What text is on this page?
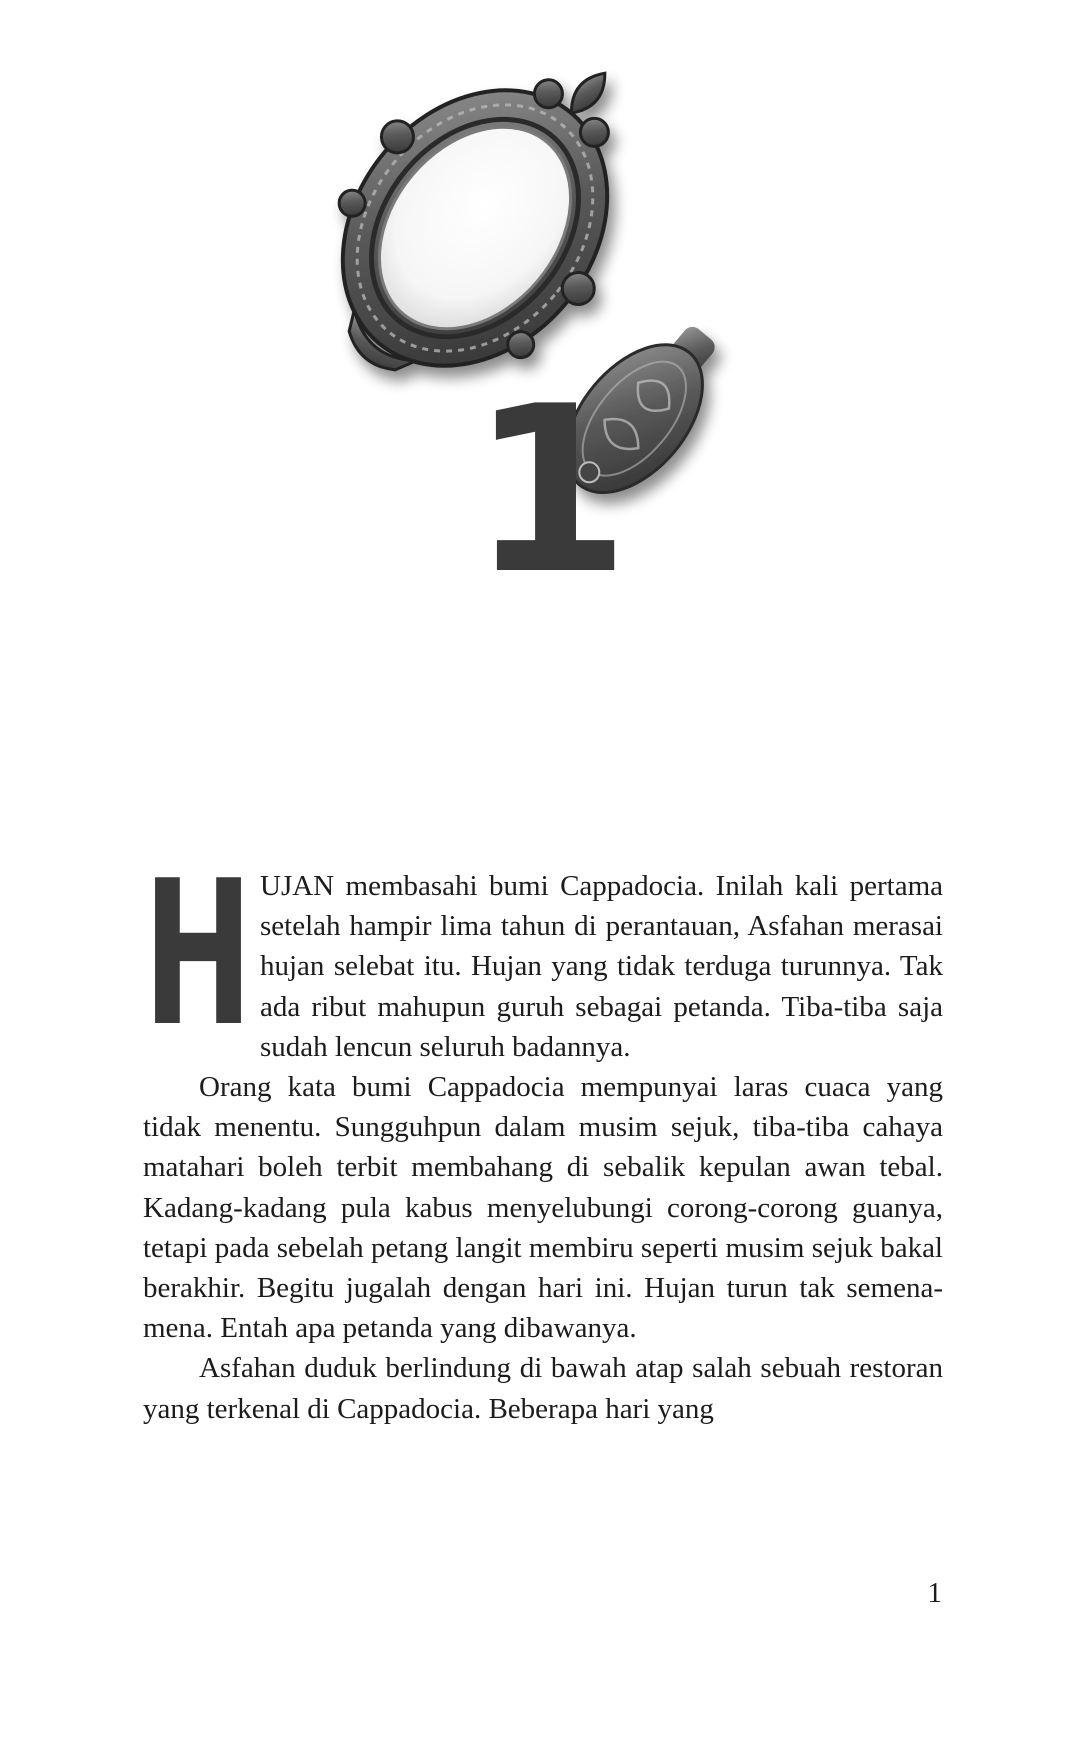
1
H UJAN membasahi bumi Cappadocia. Inilah kali pertama setelah hampir lima tahun di perantauan, Asfahan merasai hujan selebat itu. Hujan yang tidak terduga turunnya. Tak ada ribut mahupun guruh sebagai petanda. Tiba-tiba saja sudah lencun seluruh badannya.

Orang kata bumi Cappadocia mempunyai laras cuaca yang tidak menentu. Sungguhpun dalam musim sejuk, tiba-tiba cahaya matahari boleh terbit membahang di sebalik kepulan awan tebal. Kadang-kadang pula kabus menyelubungi corong-corong guanya, tetapi pada sebelah petang langit membiru seperti musim sejuk bakal berakhir. Begitu jugalah dengan hari ini. Hujan turun tak semena-mena. Entah apa petanda yang dibawanya.

Asfahan duduk berlindung di bawah atap salah sebuah restoran yang terkenal di Cappadocia. Beberapa hari yang

1
